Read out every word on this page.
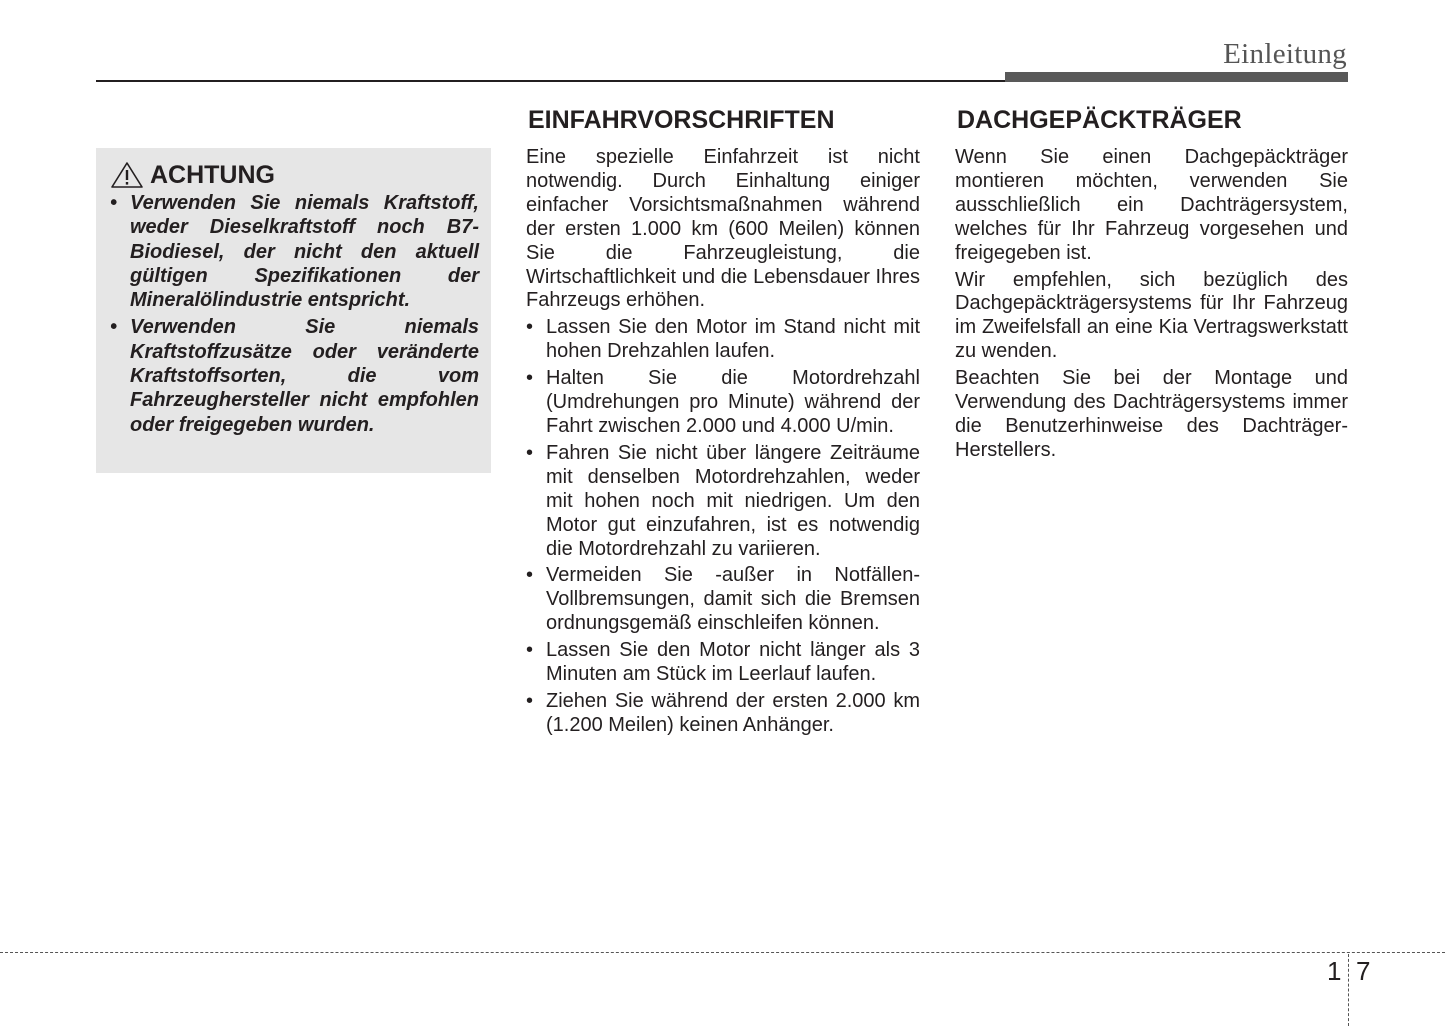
Einleitung
ACHTUNG
• Verwenden Sie niemals Kraftstoff, weder Dieselkraftstoff noch B7-Biodiesel, der nicht den aktuell gültigen Spezifikationen der Mineralölindustrie entspricht.
• Verwenden Sie niemals Kraftstoffzusätze oder veränderte Kraftstoffsorten, die vom Fahrzeughersteller nicht empfohlen oder freigegeben wurden.
EINFAHRVORSCHRIFTEN

Eine spezielle Einfahrzeit ist nicht notwendig. Durch Einhaltung einiger einfacher Vorsichtsmaßnahmen während der ersten 1.000 km (600 Meilen) können Sie die Fahrzeugleistung, die Wirtschaftlichkeit und die Lebensdauer Ihres Fahrzeugs erhöhen.

• Lassen Sie den Motor im Stand nicht mit hohen Drehzahlen laufen.
• Halten Sie die Motordrehzahl (Umdrehungen pro Minute) während der Fahrt zwischen 2.000 und 4.000 U/min.
• Fahren Sie nicht über längere Zeiträume mit denselben Motordrehzahlen, weder mit hohen noch mit niedrigen. Um den Motor gut einzufahren, ist es notwendig die Motordrehzahl zu variieren.
• Vermeiden Sie -außer in Notfällen- Vollbremsungen, damit sich die Bremsen ordnungsgemäß einschleifen können.
• Lassen Sie den Motor nicht länger als 3 Minuten am Stück im Leerlauf laufen.
• Ziehen Sie während der ersten 2.000 km (1.200 Meilen) keinen Anhänger.
DACHGEPÄCKTRÄGER

Wenn Sie einen Dachgepäckträger montieren möchten, verwenden Sie ausschließlich ein Dachträgersystem, welches für Ihr Fahrzeug vorgesehen und freigegeben ist.

Wir empfehlen, sich bezüglich des Dachgepäckträgersystems für Ihr Fahrzeug im Zweifelsfall an eine Kia Vertragswerkstatt zu wenden.

Beachten Sie bei der Montage und Verwendung des Dachträgersystems immer die Benutzerhinweise des Dachträger-Herstellers.

1 7
